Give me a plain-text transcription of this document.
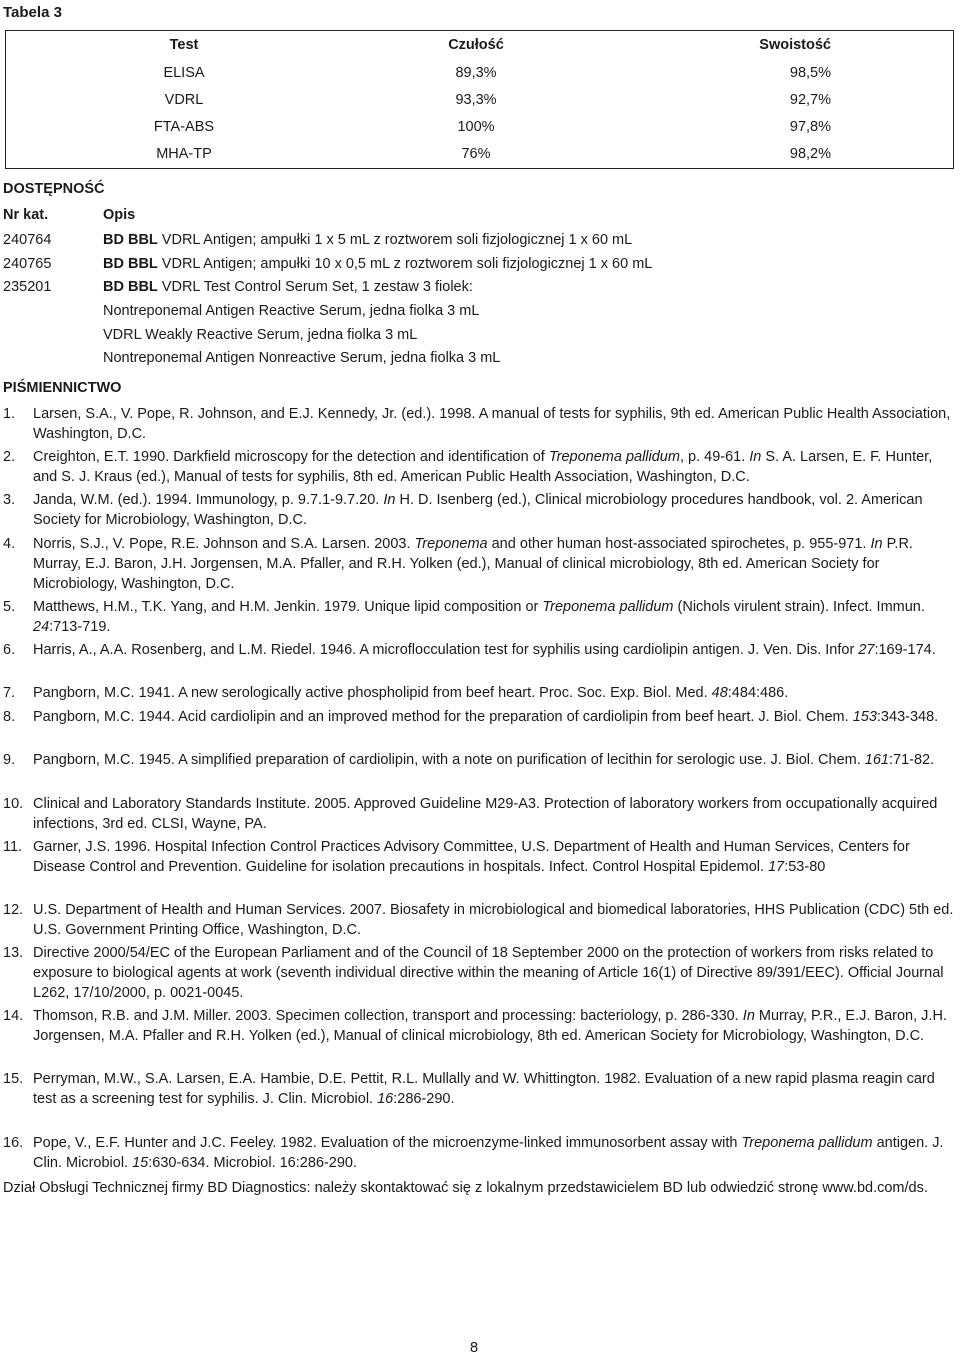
Tabela 3
Test	Czułość	Swoistość
ELISA	89,3%	98,5%
VDRL	93,3%	92,7%
FTA-ABS	100%	97,8%
MHA-TP	76%	98,2%
DOSTĘPNOŚĆ
Nr kat.	Opis
240764	BD BBL VDRL Antigen; ampułki 1 x 5 mL z roztworem soli fizjologicznej 1 x 60 mL
240765	BD BBL VDRL Antigen; ampułki 10 x 0,5 mL z roztworem soli fizjologicznej 1 x 60 mL
235201	BD BBL VDRL Test Control Serum Set, 1 zestaw 3 fiolek:
Nontreponemal Antigen Reactive Serum, jedna fiolka 3 mL
VDRL Weakly Reactive Serum, jedna fiolka 3 mL
Nontreponemal Antigen Nonreactive Serum, jedna fiolka 3 mL
PIŚMIENNICTWO
1. Larsen, S.A., V. Pope, R. Johnson, and E.J. Kennedy, Jr. (ed.). 1998. A manual of tests for syphilis, 9th ed. American Public Health Association, Washington, D.C.
2. Creighton, E.T. 1990. Darkfield microscopy for the detection and identification of Treponema pallidum, p. 49-61. In S. A. Larsen, E. F. Hunter, and S. J. Kraus (ed.), Manual of tests for syphilis, 8th ed. American Public Health Association, Washington, D.C.
3. Janda, W.M. (ed.). 1994. Immunology, p. 9.7.1-9.7.20. In H. D. Isenberg (ed.), Clinical microbiology procedures handbook, vol. 2. American Society for Microbiology, Washington, D.C.
4. Norris, S.J., V. Pope, R.E. Johnson and S.A. Larsen. 2003. Treponema and other human host-associated spirochetes, p. 955-971. In P.R. Murray, E.J. Baron, J.H. Jorgensen, M.A. Pfaller, and R.H. Yolken (ed.), Manual of clinical microbiology, 8th ed. American Society for Microbiology, Washington, D.C.
5. Matthews, H.M., T.K. Yang, and H.M. Jenkin. 1979. Unique lipid composition or Treponema pallidum (Nichols virulent strain). Infect. Immun. 24:713-719.
6. Harris, A., A.A. Rosenberg, and L.M. Riedel. 1946. A microflocculation test for syphilis using cardiolipin antigen. J. Ven. Dis. Infor 27:169-174.
7. Pangborn, M.C. 1941. A new serologically active phospholipid from beef heart. Proc. Soc. Exp. Biol. Med. 48:484:486.
8. Pangborn, M.C. 1944. Acid cardiolipin and an improved method for the preparation of cardiolipin from beef heart. J. Biol. Chem. 153:343-348.
9. Pangborn, M.C. 1945. A simplified preparation of cardiolipin, with a note on purification of lecithin for serologic use. J. Biol. Chem. 161:71-82.
10. Clinical and Laboratory Standards Institute. 2005. Approved Guideline M29-A3. Protection of laboratory workers from occupationally acquired infections, 3rd ed. CLSI, Wayne, PA.
11. Garner, J.S. 1996. Hospital Infection Control Practices Advisory Committee, U.S. Department of Health and Human Services, Centers for Disease Control and Prevention. Guideline for isolation precautions in hospitals. Infect. Control Hospital Epidemol. 17:53-80
12. U.S. Department of Health and Human Services. 2007. Biosafety in microbiological and biomedical laboratories, HHS Publication (CDC) 5th ed. U.S. Government Printing Office, Washington, D.C.
13. Directive 2000/54/EC of the European Parliament and of the Council of 18 September 2000 on the protection of workers from risks related to exposure to biological agents at work (seventh individual directive within the meaning of Article 16(1) of Directive 89/391/EEC). Official Journal L262, 17/10/2000, p. 0021-0045.
14. Thomson, R.B. and J.M. Miller. 2003. Specimen collection, transport and processing: bacteriology, p. 286-330. In Murray, P.R., E.J. Baron, J.H. Jorgensen, M.A. Pfaller and R.H. Yolken (ed.), Manual of clinical microbiology, 8th ed. American Society for Microbiology, Washington, D.C.
15. Perryman, M.W., S.A. Larsen, E.A. Hambie, D.E. Pettit, R.L. Mullally and W. Whittington. 1982. Evaluation of a new rapid plasma reagin card test as a screening test for syphilis. J. Clin. Microbiol. 16:286-290.
16. Pope, V., E.F. Hunter and J.C. Feeley. 1982. Evaluation of the microenzyme-linked immunosorbent assay with Treponema pallidum antigen. J. Clin. Microbiol. 15:630-634. Microbiol. 16:286-290.
Dział Obsługi Technicznej firmy BD Diagnostics: należy skontaktować się z lokalnym przedstawicielem BD lub odwiedzić stronę www.bd.com/ds.
8
